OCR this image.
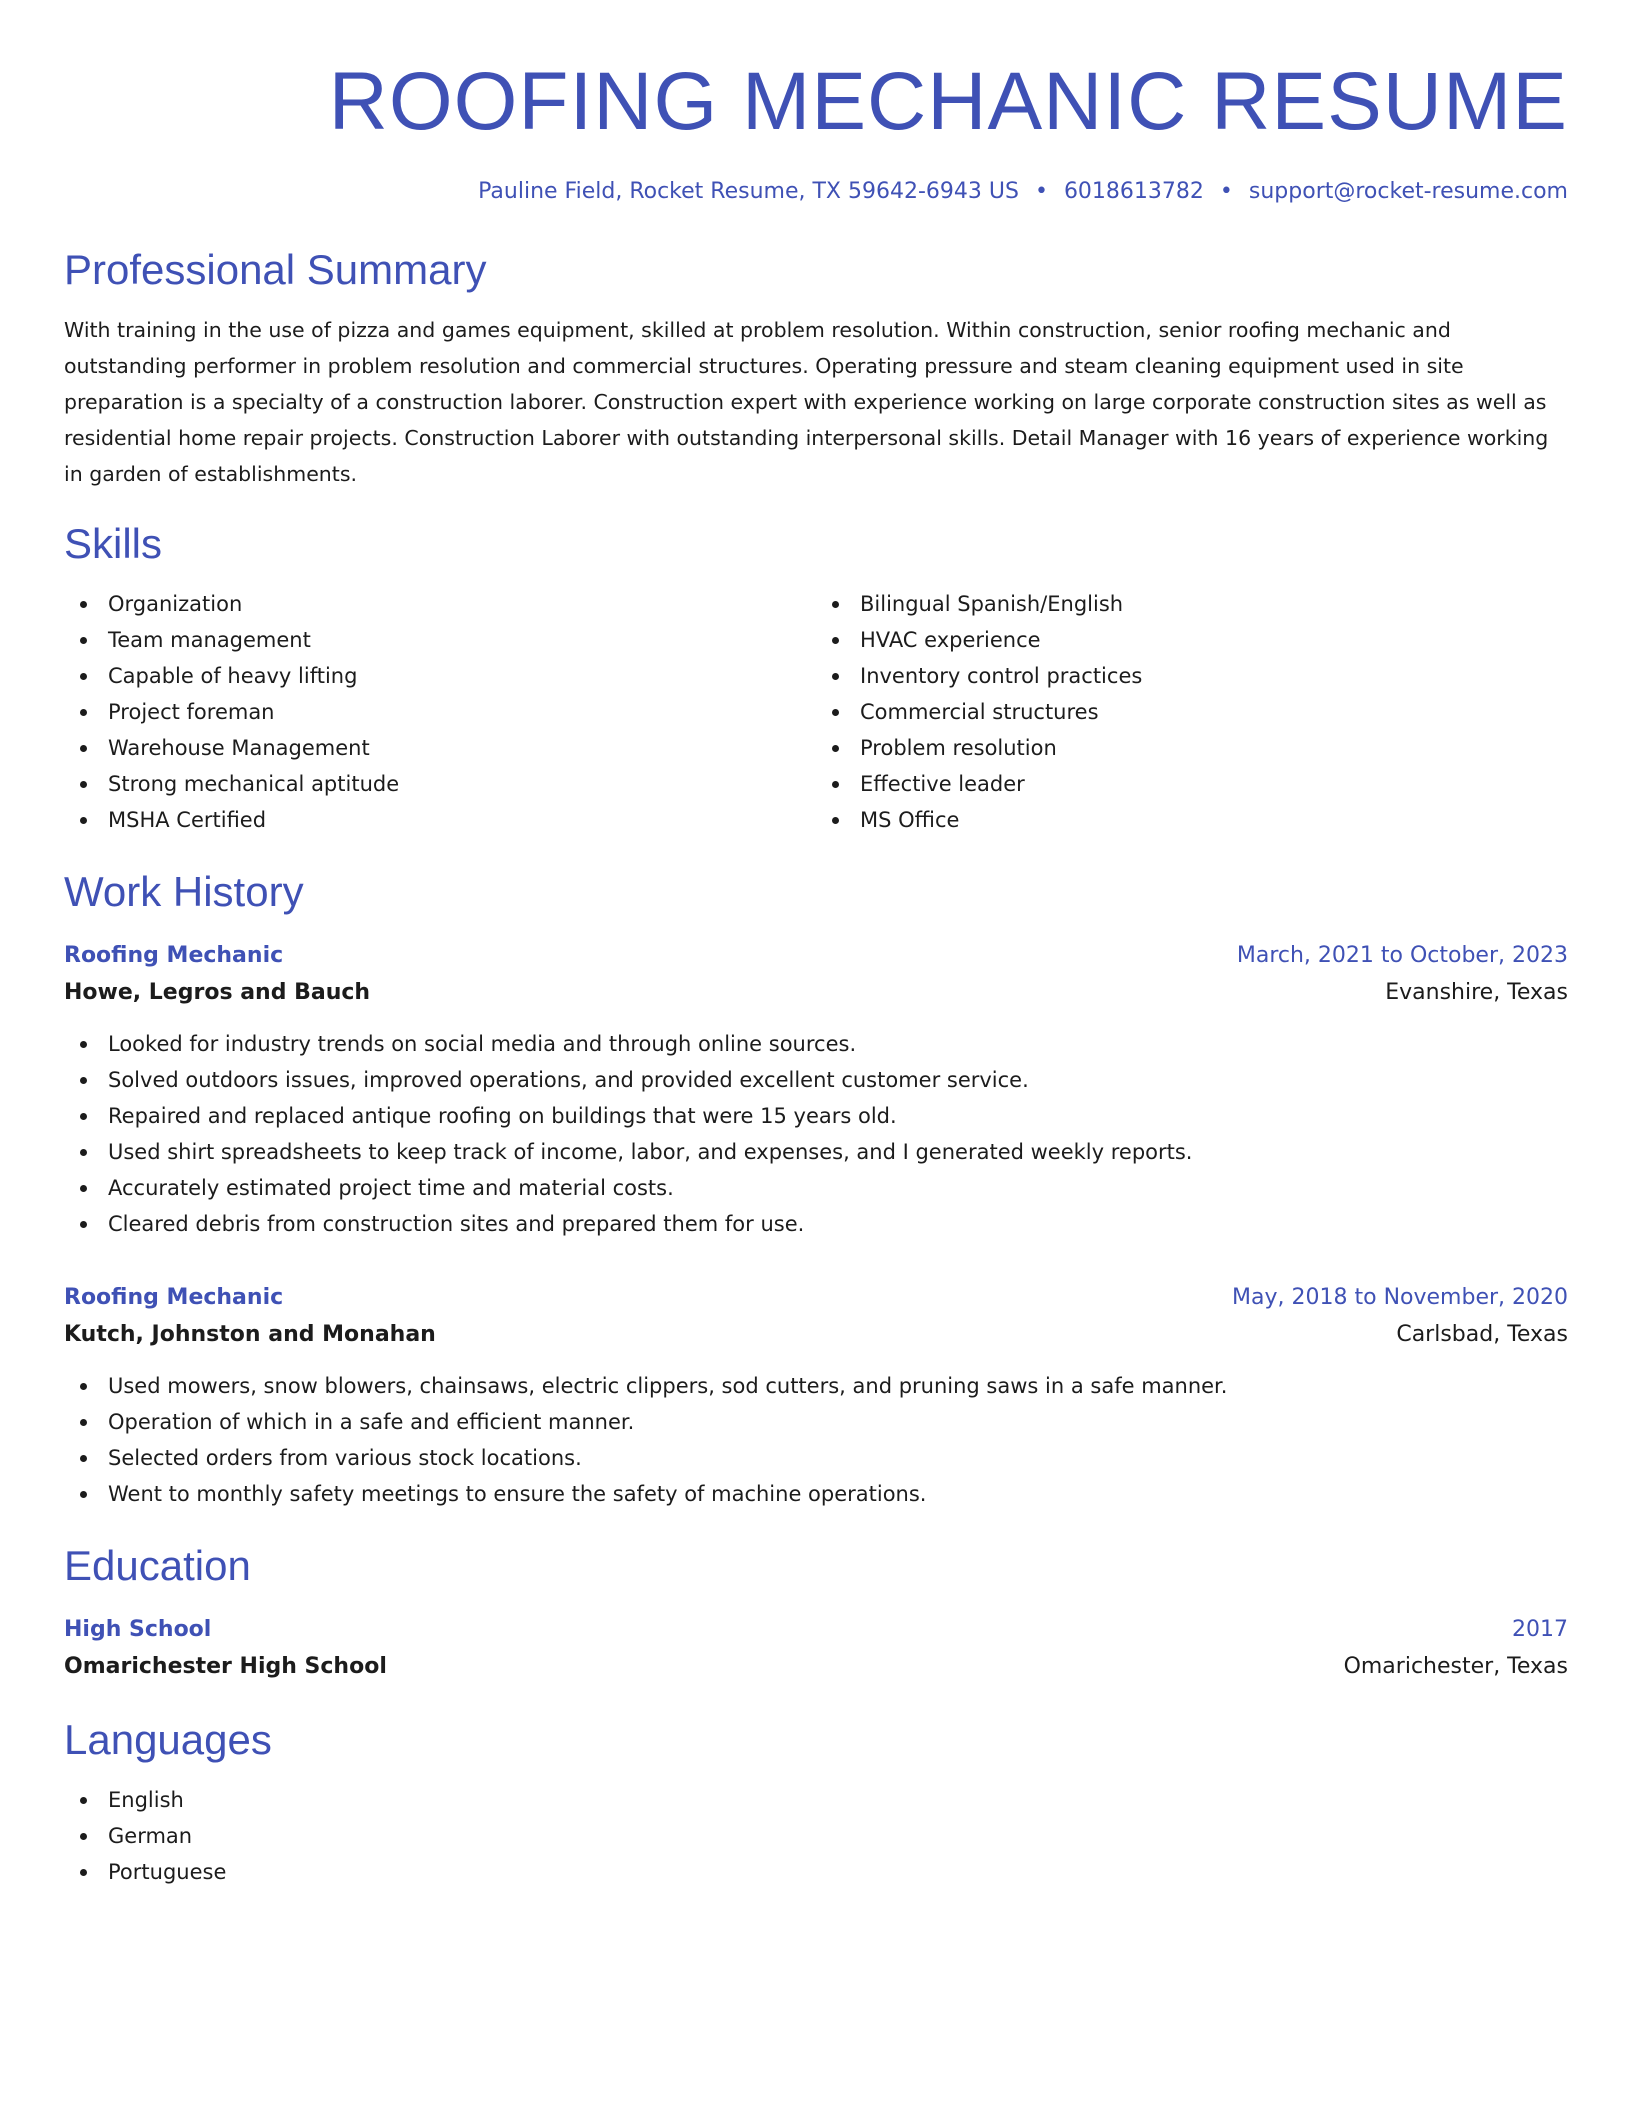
ROOFING MECHANIC RESUME
Pauline Field, Rocket Resume, TX 59642-6943 US • 6018613782 • support@rocket-resume.com
Professional Summary

With training in the use of pizza and games equipment, skilled at problem resolution. Within construction, senior roofing mechanic and outstanding performer in problem resolution and commercial structures. Operating pressure and steam cleaning equipment used in site preparation is a specialty of a construction laborer. Construction expert with experience working on large corporate construction sites as well as residential home repair projects. Construction Laborer with outstanding interpersonal skills. Detail Manager with 16 years of experience working in garden of establishments.

Skills
Organization
Team management
Capable of heavy lifting
Project foreman
Warehouse Management
Strong mechanical aptitude
MSHA Certified
Bilingual Spanish/English
HVAC experience
Inventory control practices
Commercial structures
Problem resolution
Effective leader
MS Office
Work History
Roofing Mechanic	March, 2021 to October, 2023
Howe, Legros and Bauch	Evanshire, Texas
Looked for industry trends on social media and through online sources.
Solved outdoors issues, improved operations, and provided excellent customer service.
Repaired and replaced antique roofing on buildings that were 15 years old.
Used shirt spreadsheets to keep track of income, labor, and expenses, and I generated weekly reports.
Accurately estimated project time and material costs.
Cleared debris from construction sites and prepared them for use.
Roofing Mechanic	May, 2018 to November, 2020
Kutch, Johnston and Monahan	Carlsbad, Texas
Used mowers, snow blowers, chainsaws, electric clippers, sod cutters, and pruning saws in a safe manner.
Operation of which in a safe and efficient manner.
Selected orders from various stock locations.
Went to monthly safety meetings to ensure the safety of machine operations.
Education
High School	2017
Omarichester High School	Omarichester, Texas
Languages
English
German
Portuguese
